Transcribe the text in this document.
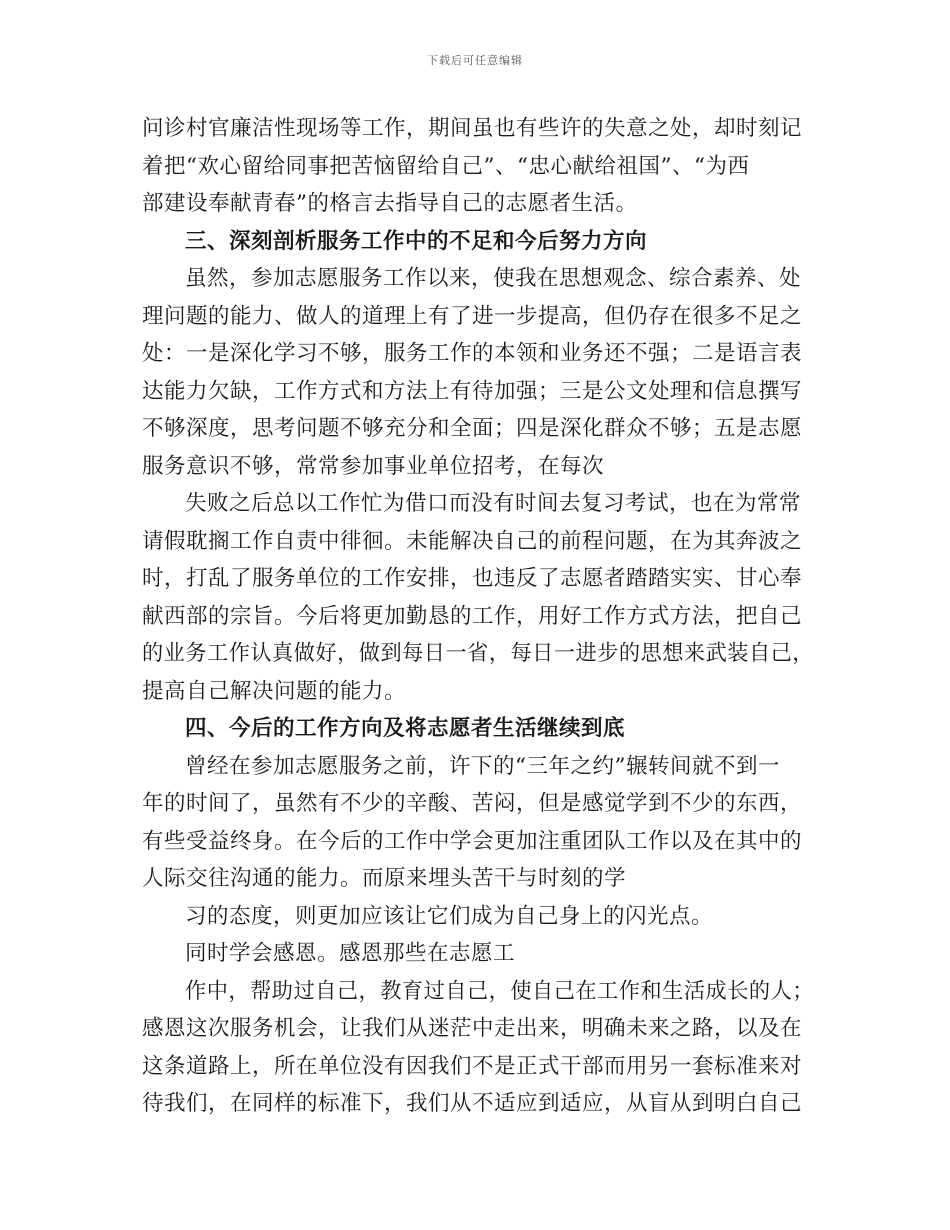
下载后可任意编辑
问诊村官廉洁性现场等工作，期间虽也有些许的失意之处，却时刻记
着把“欢心留给同事把苦恼留给自己”、“忠心献给祖国”、“为西
部建设奉献青春”的格言去指导自己的志愿者生活。
三、深刻剖析服务工作中的不足和今后努力方向
虽然，参加志愿服务工作以来，使我在思想观念、综合素养、处
理问题的能力、做人的道理上有了进一步提高，但仍存在很多不足之
处：一是深化学习不够，服务工作的本领和业务还不强；二是语言表
达能力欠缺，工作方式和方法上有待加强；三是公文处理和信息撰写
不够深度，思考问题不够充分和全面；四是深化群众不够；五是志愿
服务意识不够，常常参加事业单位招考，在每次
失败之后总以工作忙为借口而没有时间去复习考试，也在为常常
请假耽搁工作自责中徘徊。未能解决自己的前程问题，在为其奔波之
时，打乱了服务单位的工作安排，也违反了志愿者踏踏实实、甘心奉
献西部的宗旨。今后将更加勤恳的工作，用好工作方式方法，把自己
的业务工作认真做好，做到每日一省，每日一进步的思想来武装自己，
提高自己解决问题的能力。
四、今后的工作方向及将志愿者生活继续到底
曾经在参加志愿服务之前，许下的“三年之约”辗转间就不到一
年的时间了，虽然有不少的辛酸、苦闷，但是感觉学到不少的东西，
有些受益终身。在今后的工作中学会更加注重团队工作以及在其中的
人际交往沟通的能力。而原来埋头苦干与时刻的学
习的态度，则更加应该让它们成为自己身上的闪光点。
同时学会感恩。感恩那些在志愿工
作中，帮助过自己，教育过自己，使自己在工作和生活成长的人；
感恩这次服务机会，让我们从迷茫中走出来，明确未来之路，以及在
这条道路上，所在单位没有因我们不是正式干部而用另一套标准来对
待我们，在同样的标准下，我们从不适应到适应，从盲从到明白自己
